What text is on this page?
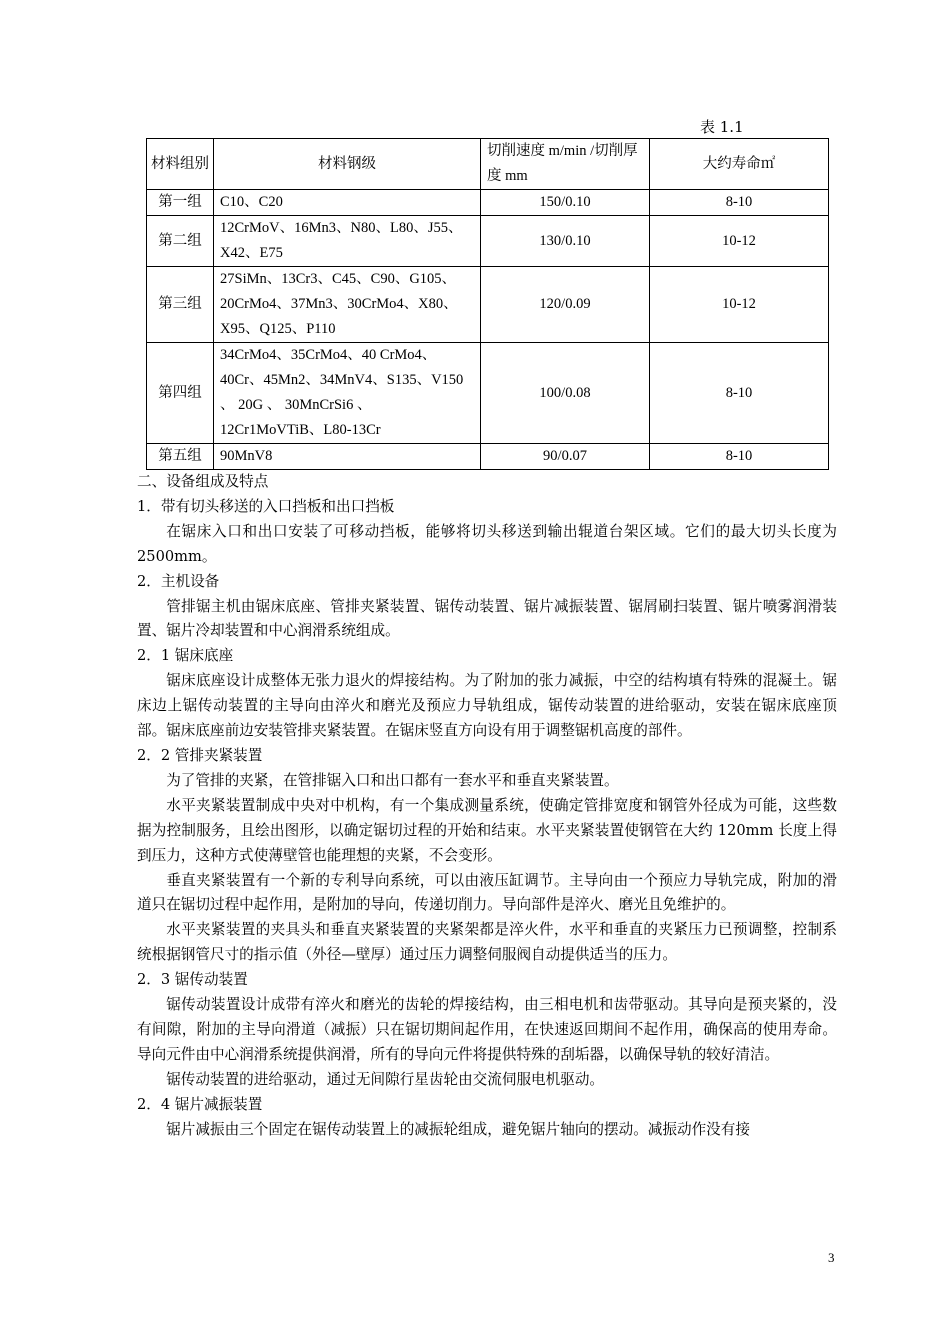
表 1.1
材料组别	材料钢级	切削速度 m/min /切削厚度 mm	大约寿命㎡
第一组	C10、C20	150/0.10	8-10
第二组	12CrMoV、16Mn3、N80、L80、J55、X42、E75	130/0.10	10-12
第三组	27SiMn、13Cr3、C45、C90、G105、20CrMo4、37Mn3、30CrMo4、X80、X95、Q125、P110	120/0.09	10-12
第四组	34CrMo4、35CrMo4、40 CrMo4、40Cr、45Mn2、34MnV4、S135、V150 、 20G 、 30MnCrSi6 、12Cr1MoVTiB、L80-13Cr	100/0.08	8-10
第五组	90MnV8	90/0.07	8-10

二、设备组成及特点

1．带有切头移送的入口挡板和出口挡板

在锯床入口和出口安装了可移动挡板，能够将切头移送到输出辊道台架区域。它们的最大切头长度为 2500mm。

2．主机设备

管排锯主机由锯床底座、管排夹紧装置、锯传动装置、锯片减振装置、锯屑刷扫装置、锯片喷雾润滑装置、锯片冷却装置和中心润滑系统组成。

2．1 锯床底座

锯床底座设计成整体无张力退火的焊接结构。为了附加的张力减振，中空的结构填有特殊的混凝土。锯床边上锯传动装置的主导向由淬火和磨光及预应力导轨组成，锯传动装置的进给驱动，安装在锯床底座顶部。锯床底座前边安装管排夹紧装置。在锯床竖直方向设有用于调整锯机高度的部件。

2．2 管排夹紧装置

为了管排的夹紧，在管排锯入口和出口都有一套水平和垂直夹紧装置。

水平夹紧装置制成中央对中机构，有一个集成测量系统，使确定管排宽度和钢管外径成为可能，这些数据为控制服务，且绘出图形，以确定锯切过程的开始和结束。水平夹紧装置使钢管在大约 120mm 长度上得到压力，这种方式使薄壁管也能理想的夹紧，不会变形。

垂直夹紧装置有一个新的专利导向系统，可以由液压缸调节。主导向由一个预应力导轨完成，附加的滑道只在锯切过程中起作用，是附加的导向，传递切削力。导向部件是淬火、磨光且免维护的。

水平夹紧装置的夹具头和垂直夹紧装置的夹紧架都是淬火件，水平和垂直的夹紧压力已预调整，控制系统根据钢管尺寸的指示值（外径—壁厚）通过压力调整伺服阀自动提供适当的压力。

2．3 锯传动装置

锯传动装置设计成带有淬火和磨光的齿轮的焊接结构，由三相电机和齿带驱动。其导向是预夹紧的，没有间隙，附加的主导向滑道（减振）只在锯切期间起作用，在快速返回期间不起作用，确保高的使用寿命。导向元件由中心润滑系统提供润滑，所有的导向元件将提供特殊的刮垢器，以确保导轨的较好清洁。

锯传动装置的进给驱动，通过无间隙行星齿轮由交流伺服电机驱动。

2．4 锯片减振装置

锯片减振由三个固定在锯传动装置上的减振轮组成，避免锯片轴向的摆动。减振动作没有接

3
